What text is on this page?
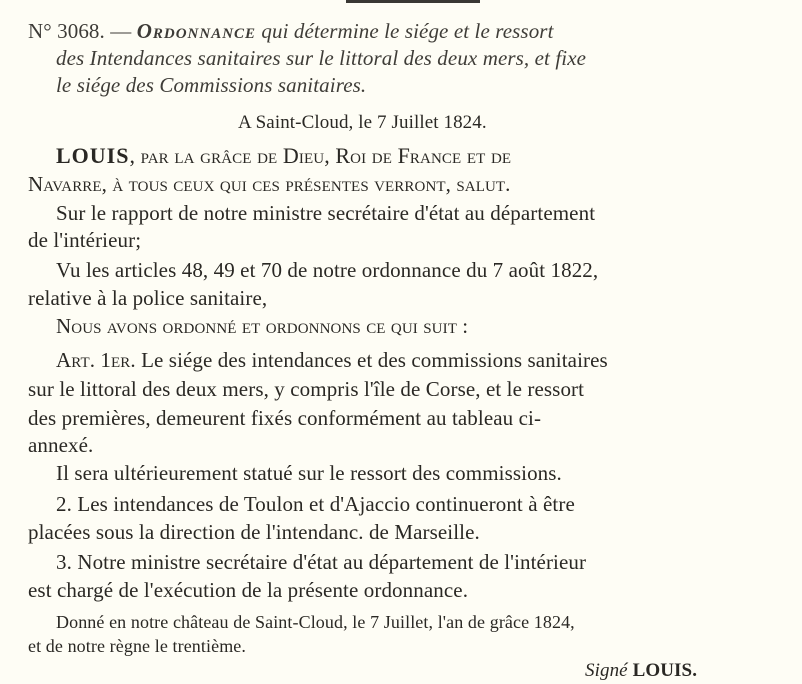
N° 3068. — Ordonnance qui détermine le siége et le ressort
des Intendances sanitaires sur le littoral des deux mers, et fixe
le siége des Commissions sanitaires.
A Saint-Cloud, le 7 Juillet 1824.
LOUIS, par la grâce de Dieu, Roi de France et de
Navarre, à tous ceux qui ces présentes verront, salut.
Sur le rapport de notre ministre secrétaire d'état au département
de l'intérieur;
Vu les articles 48, 49 et 70 de notre ordonnance du 7 août 1822,
relative à la police sanitaire,
Nous avons ordonné et ordonnons ce qui suit :
Art. 1er. Le siége des intendances et des commissions sanitaires
sur le littoral des deux mers, y compris l'île de Corse, et le ressort
des premières, demeurent fixés conformément au tableau ci-
annexé.
Il sera ultérieurement statué sur le ressort des commissions.
2. Les intendances de Toulon et d'Ajaccio continueront à être
placées sous la direction de l'intendanc. de Marseille.
3. Notre ministre secrétaire d'état au département de l'intérieur
est chargé de l'exécution de la présente ordonnance.
Donné en notre château de Saint-Cloud, le 7 Juillet, l'an de grâce 1824,
et de notre règne le trentième.
Signé LOUIS.
